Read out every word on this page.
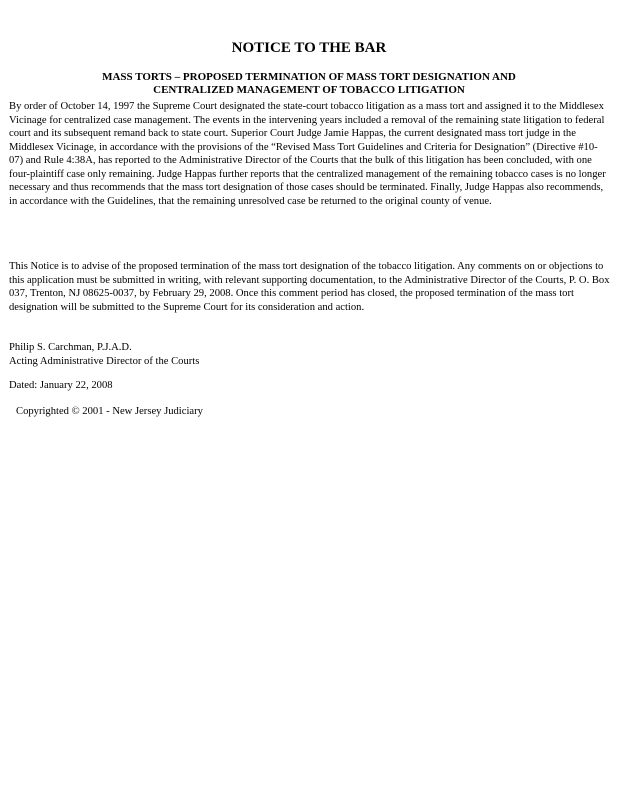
NOTICE TO THE BAR
MASS TORTS – PROPOSED TERMINATION OF MASS TORT DESIGNATION AND
CENTRALIZED MANAGEMENT OF TOBACCO LITIGATION

By order of October 14, 1997 the Supreme Court designated the state-court tobacco litigation as a mass tort and assigned it to the Middlesex Vicinage for centralized case management. The events in the intervening years included a removal of the remaining state litigation to federal court and its subsequent remand back to state court. Superior Court Judge Jamie Happas, the current designated mass tort judge in the Middlesex Vicinage, in accordance with the provisions of the “Revised Mass Tort Guidelines and Criteria for Designation” (Directive #10-07) and Rule 4:38A, has reported to the Administrative Director of the Courts that the bulk of this litigation has been concluded, with one four-plaintiff case only remaining. Judge Happas further reports that the centralized management of the remaining tobacco cases is no longer necessary and thus recommends that the mass tort designation of those cases should be terminated. Finally, Judge Happas also recommends, in accordance with the Guidelines, that the remaining unresolved case be returned to the original county of venue.

This Notice is to advise of the proposed termination of the mass tort designation of the tobacco litigation. Any comments on or objections to this application must be submitted in writing, with relevant supporting documentation, to the Administrative Director of the Courts, P. O. Box 037, Trenton, NJ 08625-0037, by February 29, 2008. Once this comment period has closed, the proposed termination of the mass tort designation will be submitted to the Supreme Court for its consideration and action.

Philip S. Carchman, P.J.A.D.
Acting Administrative Director of the Courts
Dated: January 22, 2008
Copyrighted © 2001 - New Jersey Judiciary
